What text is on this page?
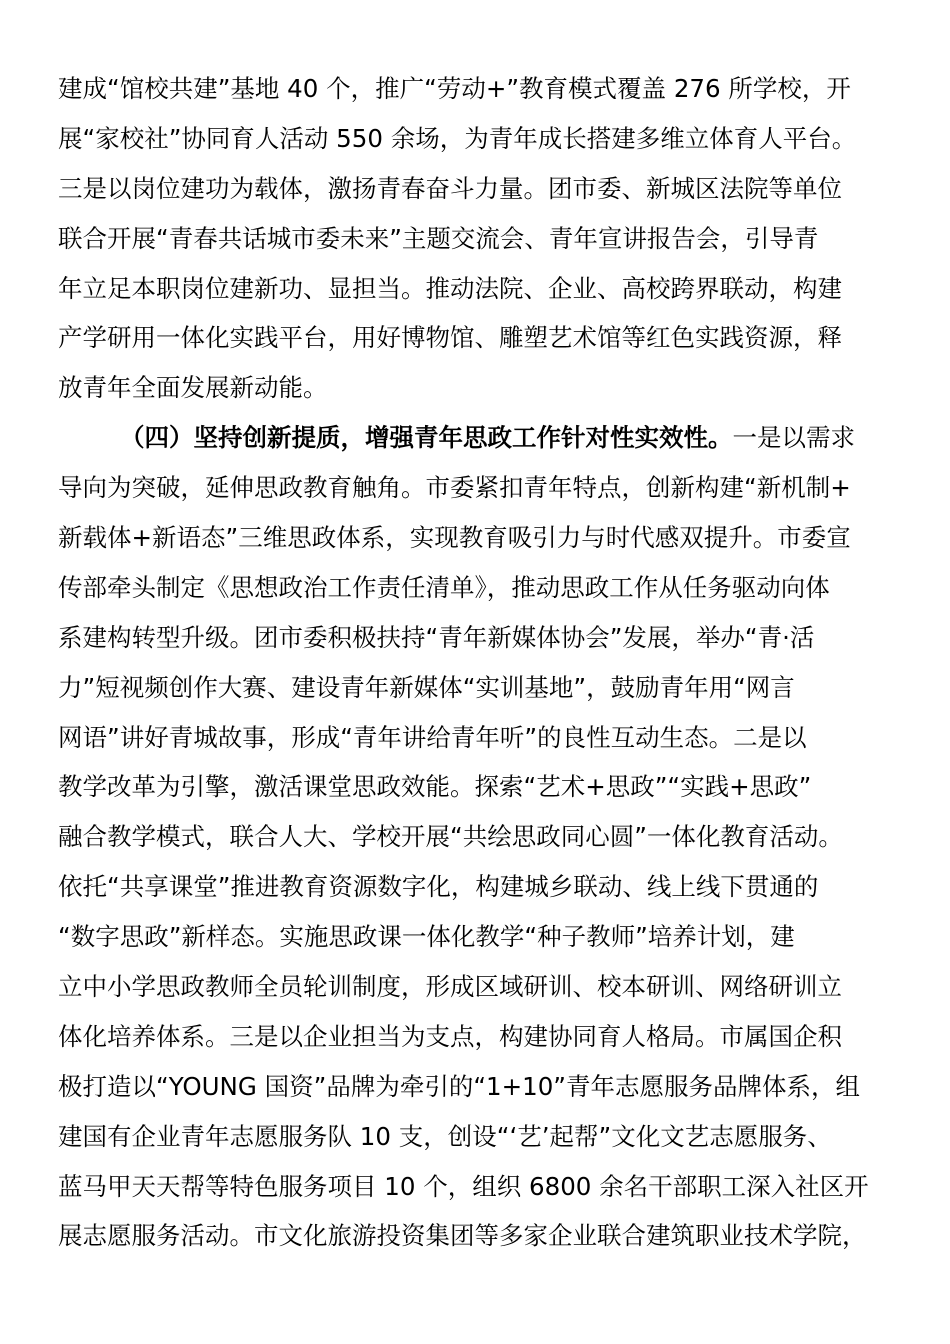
建成“馆校共建”基地 40 个，推广“劳动+”教育模式覆盖 276 所学校，开
展“家校社”协同育人活动 550 余场，为青年成长搭建多维立体育人平台。
三是以岗位建功为载体，激扬青春奋斗力量。团市委、新城区法院等单位
联合开展“青春共话城市委未来”主题交流会、青年宣讲报告会，引导青
年立足本职岗位建新功、显担当。推动法院、企业、高校跨界联动，构建
产学研用一体化实践平台，用好博物馆、雕塑艺术馆等红色实践资源，释
放青年全面发展新动能。
（四）坚持创新提质，增强青年思政工作针对性实效性。一是以需求
导向为突破，延伸思政教育触角。市委紧扣青年特点，创新构建“新机制+
新载体+新语态”三维思政体系，实现教育吸引力与时代感双提升。市委宣
传部牵头制定《思想政治工作责任清单》，推动思政工作从任务驱动向体
系建构转型升级。团市委积极扶持“青年新媒体协会”发展，举办“青·活
力”短视频创作大赛、建设青年新媒体“实训基地”，鼓励青年用“网言
网语”讲好青城故事，形成“青年讲给青年听”的良性互动生态。二是以
教学改革为引擎，激活课堂思政效能。探索“艺术+思政”“实践+思政”
融合教学模式，联合人大、学校开展“共绘思政同心圆”一体化教育活动。
依托“共享课堂”推进教育资源数字化，构建城乡联动、线上线下贯通的
“数字思政”新样态。实施思政课一体化教学“种子教师”培养计划，建
立中小学思政教师全员轮训制度，形成区域研训、校本研训、网络研训立
体化培养体系。三是以企业担当为支点，构建协同育人格局。市属国企积
极打造以“YOUNG 国资”品牌为牵引的“1+10”青年志愿服务品牌体系，组
建国有企业青年志愿服务队 10 支，创设“‘艺’起帮”文化文艺志愿服务、
蓝马甲天天帮等特色服务项目 10 个，组织 6800 余名干部职工深入社区开
展志愿服务活动。市文化旅游投资集团等多家企业联合建筑职业技术学院，
